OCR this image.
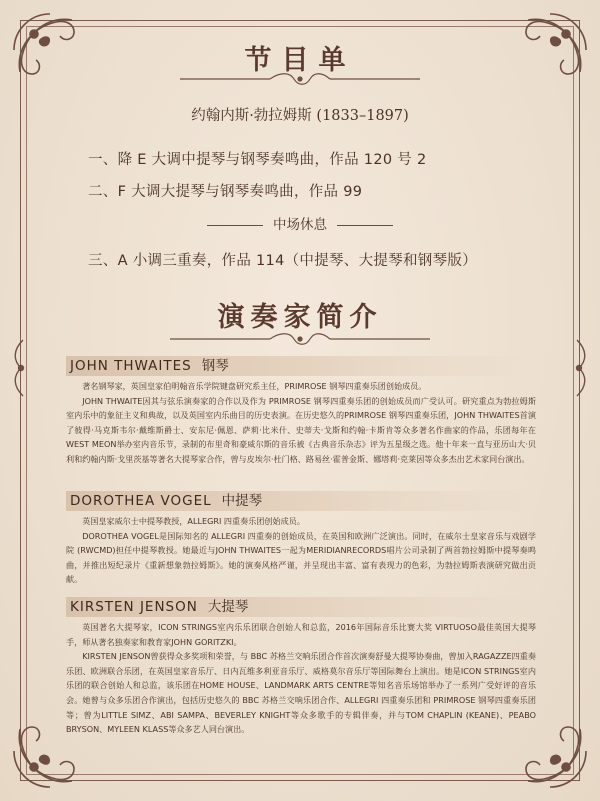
节目单
约翰内斯·勃拉姆斯 (1833–1897)
一、降 E 大调中提琴与钢琴奏鸣曲，作品 120 号 2
二、F 大调大提琴与钢琴奏鸣曲，作品 99
中场休息
三、A 小调三重奏，作品 114（中提琴、大提琴和钢琴版）
演奏家简介
JOHN THWAITES 钢琴

著名钢琴家，英国皇家伯明翰音乐学院键盘研究系主任，PRIMROSE 钢琴四重奏乐团创始成员。

JOHN THWAITE因其与弦乐演奏家的合作以及作为 PRIMROSE 钢琴四重奏乐团的创始成员而广受认可。研究重点为勃拉姆斯室内乐中的象征主义和典故，以及英国室内乐曲目的历史表演。在历史悠久的PRIMROSE 钢琴四重奏乐团，JOHN THWAITES首演了彼得·马克斯韦尔·戴维斯爵士、安东尼·佩恩、萨莉·比米什、史蒂夫·戈斯和约翰·卡斯肯等众多著名作曲家的作品，乐团每年在WEST MEON举办室内音乐节，录制的布里奇和豪威尔斯的音乐被《古典音乐杂志》评为五星级之选。他十年来一直与亚历山大·贝利和约翰内斯·戈里茨基等著名大提琴家合作，曾与皮埃尔·杜门格、路易丝·霍普金斯、娜塔莉·克莱因等众多杰出艺术家同台演出。

DOROTHEA VOGEL 中提琴

英国皇家威尔士中提琴教授，ALLEGRI 四重奏乐团创始成员。

DOROTHEA VOGEL是国际知名的 ALLEGRI 四重奏的创始成员，在英国和欧洲广泛演出。同时，在威尔士皇家音乐与戏剧学院 (RWCMD)担任中提琴教授。她最近与JOHN THWAITES一起为MERIDIANRECORDS唱片公司录制了两首勃拉姆斯中提琴奏鸣曲，并推出短纪录片《重新想象勃拉姆斯》。她的演奏风格严谨，并呈现出丰富、富有表现力的色彩，为勃拉姆斯表演研究做出贡献。

KIRSTEN JENSON 大提琴

英国著名大提琴家，ICON STRINGS室内乐乐团联合创始人和总监，2016年国际音乐比赛大奖 VIRTUOSO最佳英国大提琴手，师从著名独奏家和教育家JOHN GORITZKI。

KIRSTEN JENSON曾获得众多奖项和荣誉，与 BBC 苏格兰交响乐团合作首次演奏舒曼大提琴协奏曲，曾加入RAGAZZE四重奏乐团、欧洲联合乐团，在英国皇家音乐厅、日内瓦维多利亚音乐厅、威格莫尔音乐厅等国际舞台上演出。她是ICON STRINGS室内乐团的联合创始人和总监，该乐团在HOME HOUSE、LANDMARK ARTS CENTRE等知名音乐场馆举办了一系列广受好评的音乐会。她曾与众多乐团合作演出，包括历史悠久的 BBC 苏格兰交响乐团合作、ALLEGRI 四重奏乐团和 PRIMROSE 钢琴四重奏乐团等；曾为LITTLE SIMZ、ABI SAMPA、BEVERLEY KNIGHT等众多歌手的专辑伴奏，并与TOM CHAPLIN (KEANE)、PEABO BRYSON、MYLEEN KLASS等众多艺人同台演出。
